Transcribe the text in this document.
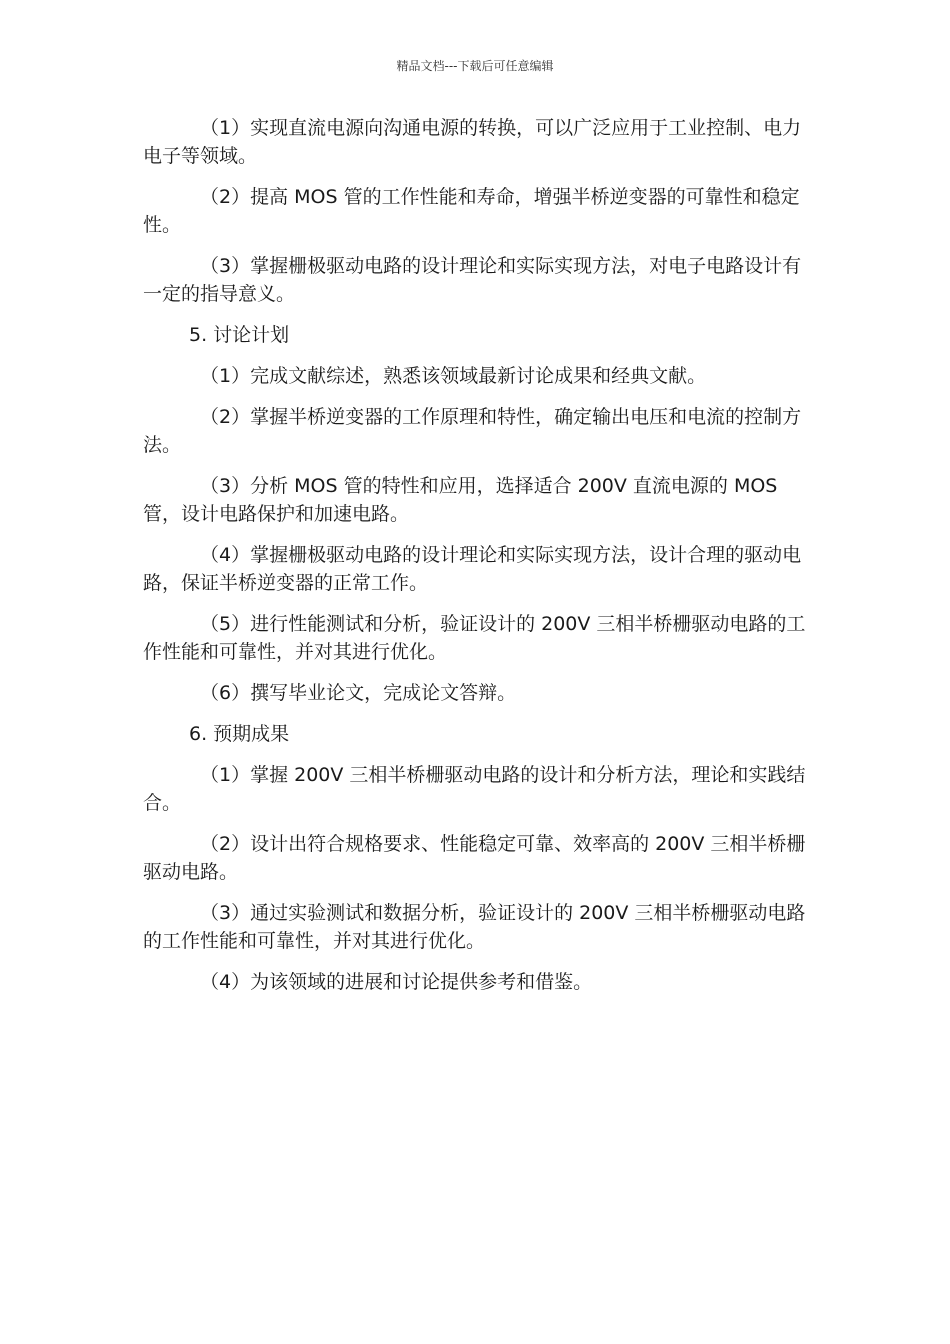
精品文档---下载后可任意编辑

（1）实现直流电源向沟通电源的转换，可以广泛应用于工业控制、电力电子等领域。

（2）提高 MOS 管的工作性能和寿命，增强半桥逆变器的可靠性和稳定性。

（3）掌握栅极驱动电路的设计理论和实际实现方法，对电子电路设计有一定的指导意义。

5. 讨论计划

（1）完成文献综述，熟悉该领域最新讨论成果和经典文献。

（2）掌握半桥逆变器的工作原理和特性，确定输出电压和电流的控制方法。

（3）分析 MOS 管的特性和应用，选择适合 200V 直流电源的 MOS 管，设计电路保护和加速电路。

（4）掌握栅极驱动电路的设计理论和实际实现方法，设计合理的驱动电路，保证半桥逆变器的正常工作。

（5）进行性能测试和分析，验证设计的 200V 三相半桥栅驱动电路的工作性能和可靠性，并对其进行优化。

（6）撰写毕业论文，完成论文答辩。

6. 预期成果

（1）掌握 200V 三相半桥栅驱动电路的设计和分析方法，理论和实践结合。

（2）设计出符合规格要求、性能稳定可靠、效率高的 200V 三相半桥栅驱动电路。

（3）通过实验测试和数据分析，验证设计的 200V 三相半桥栅驱动电路的工作性能和可靠性，并对其进行优化。

（4）为该领域的进展和讨论提供参考和借鉴。
